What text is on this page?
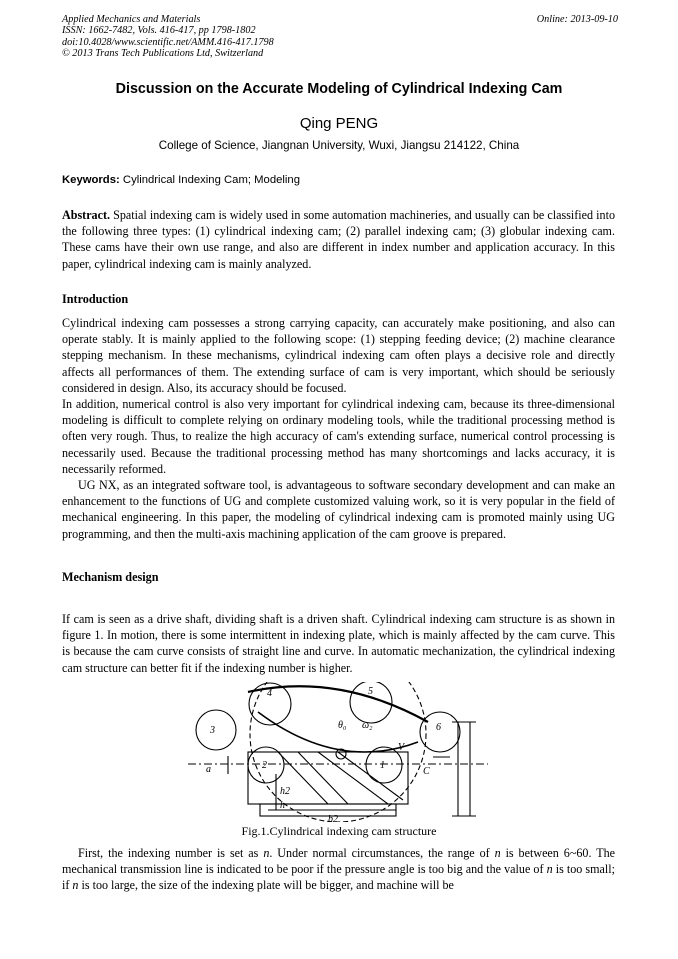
Applied Mechanics and Materials
ISSN: 1662-7482, Vols. 416-417, pp 1798-1802
doi:10.4028/www.scientific.net/AMM.416-417.1798
© 2013 Trans Tech Publications Ltd, Switzerland
Online: 2013-09-10
Discussion on the Accurate Modeling of Cylindrical Indexing Cam
Qing PENG
College of Science, Jiangnan University, Wuxi, Jiangsu 214122, China
Keywords: Cylindrical Indexing Cam; Modeling

Abstract. Spatial indexing cam is widely used in some automation machineries, and usually can be classified into the following three types: (1) cylindrical indexing cam; (2) parallel indexing cam; (3) globular indexing cam. These cams have their own use range, and also are different in index number and application accuracy. In this paper, cylindrical indexing cam is mainly analyzed.

Introduction

Cylindrical indexing cam possesses a strong carrying capacity, can accurately make positioning, and also can operate stably. It is mainly applied to the following scope: (1) stepping feeding device; (2) machine clearance stepping mechanism. In these mechanisms, cylindrical indexing cam often plays a decisive role and directly affects all performances of them. The extending surface of cam is very important, which should be seriously considered in design. Also, its accuracy should be focused.

In addition, numerical control is also very important for cylindrical indexing cam, because its three-dimensional modeling is difficult to complete relying on ordinary modeling tools, while the traditional processing method is often very rough. Thus, to realize the high accuracy of cam's extending surface, numerical control processing is necessarily used. Because the traditional processing method has many shortcomings and lacks accuracy, it is necessarily reformed.

UG NX, as an integrated software tool, is advantageous to software secondary development and can make an enhancement to the functions of UG and complete customized valuing work, so it is very popular in the field of mechanical engineering. In this paper, the modeling of cylindrical indexing cam is promoted mainly using UG programming, and then the multi-axis machining application of the cam groove is prepared.

Mechanism design

If cam is seen as a drive shaft, dividing shaft is a driven shaft. Cylindrical indexing cam structure is as shown in figure 1. In motion, there is some intermittent in indexing plate, which is mainly affected by the cam curve. This is because the cam curve consists of straight line and curve. In automatic mechanization, the cylindrical indexing cam structure can better fit if the indexing number is higher.

4	5
3	6
2	1
a
h2
h
b2
C
V
θ₀ ω₂
Fig.1.Cylindrical indexing cam structure

First, the indexing number is set as n. Under normal circumstances, the range of n is between 6~60. The mechanical transmission line is indicated to be poor if the pressure angle is too big and the value of n is too small; if n is too large, the size of the indexing plate will be bigger, and machine will be
